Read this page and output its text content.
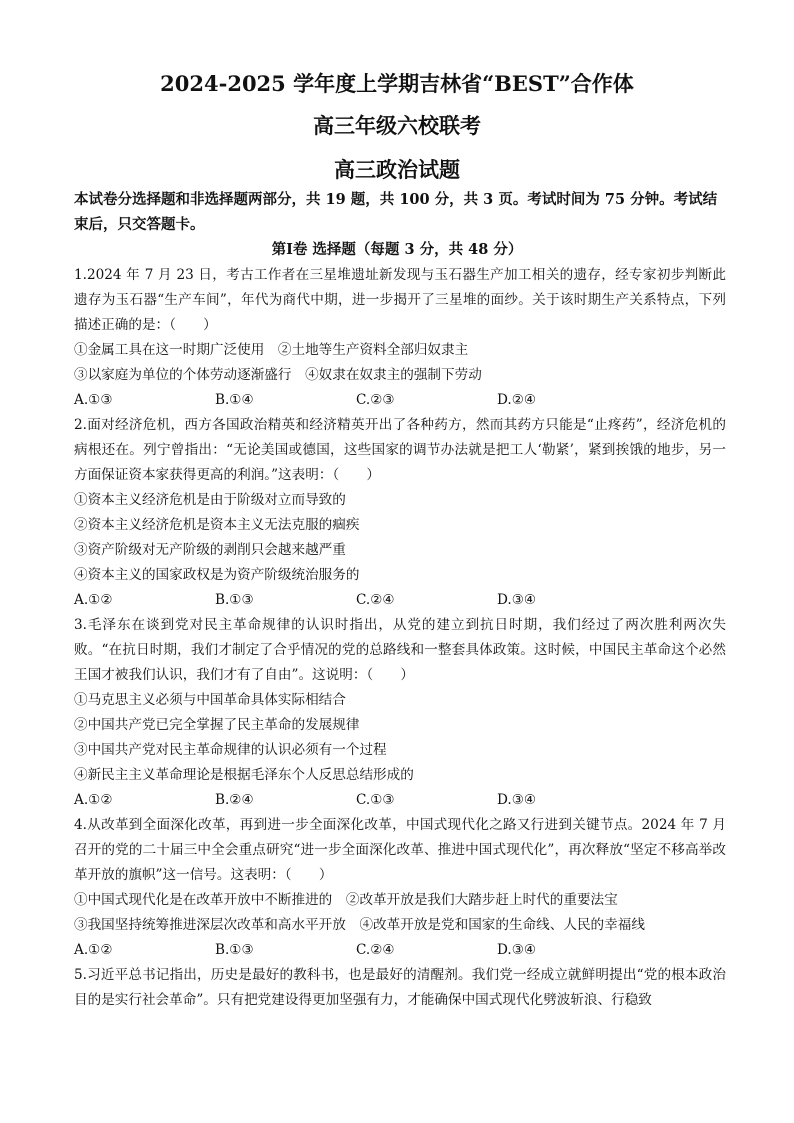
2024-2025 学年度上学期吉林省“BEST”合作体
高三年级六校联考
高三政治试题
本试卷分选择题和非选择题两部分，共 19 题，共 100 分，共 3 页。考试时间为 75 分钟。考试结束后，只交答题卡。
第Ⅰ卷 选择题（每题 3 分，共 48 分）

1.2024 年 7 月 23 日，考古工作者在三星堆遗址新发现与玉石器生产加工相关的遗存，经专家初步判断此遗存为玉石器“生产车间”，年代为商代中期，进一步揭开了三星堆的面纱。关于该时期生产关系特点，下列描述正确的是：（　　）

①金属工具在这一时期广泛使用　②土地等生产资料全部归奴隶主

③以家庭为单位的个体劳动逐渐盛行　④奴隶在奴隶主的强制下劳动

A.①③	B.①④	C.②③	D.②④

2.面对经济危机，西方各国政治精英和经济精英开出了各种药方，然而其药方只能是“止疼药”，经济危机的病根还在。列宁曾指出：“无论美国或德国，这些国家的调节办法就是把工人‘勒紧’，紧到挨饿的地步，另一方面保证资本家获得更高的利润。”这表明：（　　）

①资本主义经济危机是由于阶级对立而导致的

②资本主义经济危机是资本主义无法克服的痼疾

③资产阶级对无产阶级的剥削只会越来越严重

④资本主义的国家政权是为资产阶级统治服务的

A.①②	B.①③	C.②④	D.③④

3.毛泽东在谈到党对民主革命规律的认识时指出，从党的建立到抗日时期，我们经过了两次胜利两次失败。“在抗日时期，我们才制定了合乎情况的党的总路线和一整套具体政策。这时候，中国民主革命这个必然王国才被我们认识，我们才有了自由”。这说明：（　　）

①马克思主义必须与中国革命具体实际相结合

②中国共产党已完全掌握了民主革命的发展规律

③中国共产党对民主革命规律的认识必须有一个过程

④新民主主义革命理论是根据毛泽东个人反思总结形成的

A.①②	B.②④	C.①③	D.③④

4.从改革到全面深化改革，再到进一步全面深化改革，中国式现代化之路又行进到关键节点。2024 年 7 月召开的党的二十届三中全会重点研究“进一步全面深化改革、推进中国式现代化”，再次释放“坚定不移高举改革开放的旗帜”这一信号。这表明：（　　）

①中国式现代化是在改革开放中不断推进的　②改革开放是我们大踏步赶上时代的重要法宝

③我国坚持统筹推进深层次改革和高水平开放　④改革开放是党和国家的生命线、人民的幸福线

A.①②	B.①③	C.②④	D.③④

5.习近平总书记指出，历史是最好的教科书，也是最好的清醒剂。我们党一经成立就鲜明提出“党的根本政治目的是实行社会革命”。只有把党建设得更加坚强有力，才能确保中国式现代化劈波斩浪、行稳致
